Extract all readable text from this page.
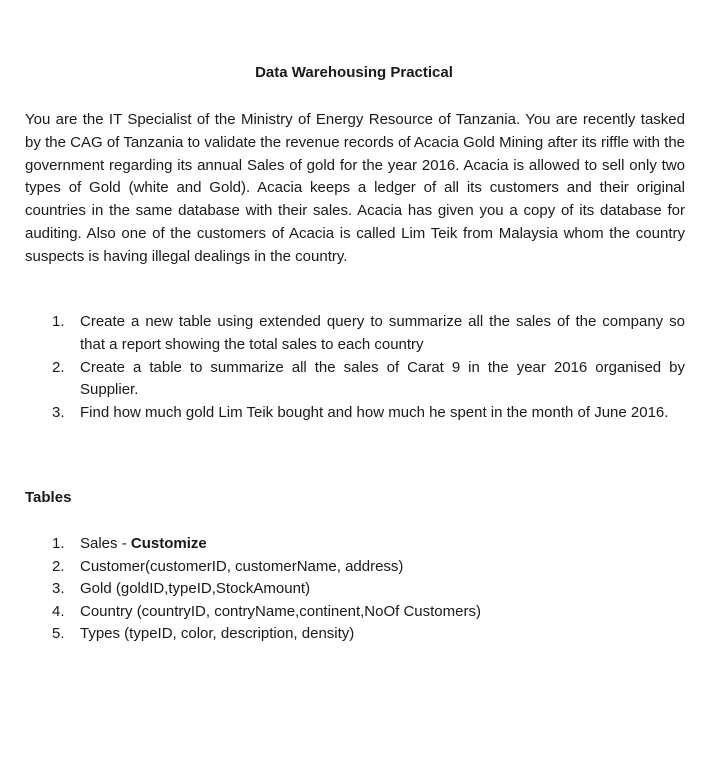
Data Warehousing Practical

You are the IT Specialist of the Ministry of Energy Resource of Tanzania. You are recently tasked by the CAG of Tanzania to validate the revenue records of Acacia Gold Mining after its riffle with the government regarding its annual Sales of gold for the year 2016. Acacia is allowed to sell only two types of Gold (white and Gold). Acacia keeps a ledger of all its customers and their original countries in the same database with their sales. Acacia has given you a copy of its database for auditing. Also one of the customers of Acacia is called Lim Teik from Malaysia whom the country suspects is having illegal dealings in the country.

1. Create a new table using extended query to summarize all the sales of the company so that a report showing the total sales to each country
2. Create a table to summarize all the sales of Carat 9 in the year 2016 organised by Supplier.
3. Find how much gold Lim Teik bought and how much he spent in the month of June 2016.
Tables
1. Sales - Customize
2. Customer(customerID, customerName, address)
3. Gold (goldID,typeID,StockAmount)
4. Country (countryID, contryName,continent,NoOf Customers)
5. Types (typeID, color, description, density)
